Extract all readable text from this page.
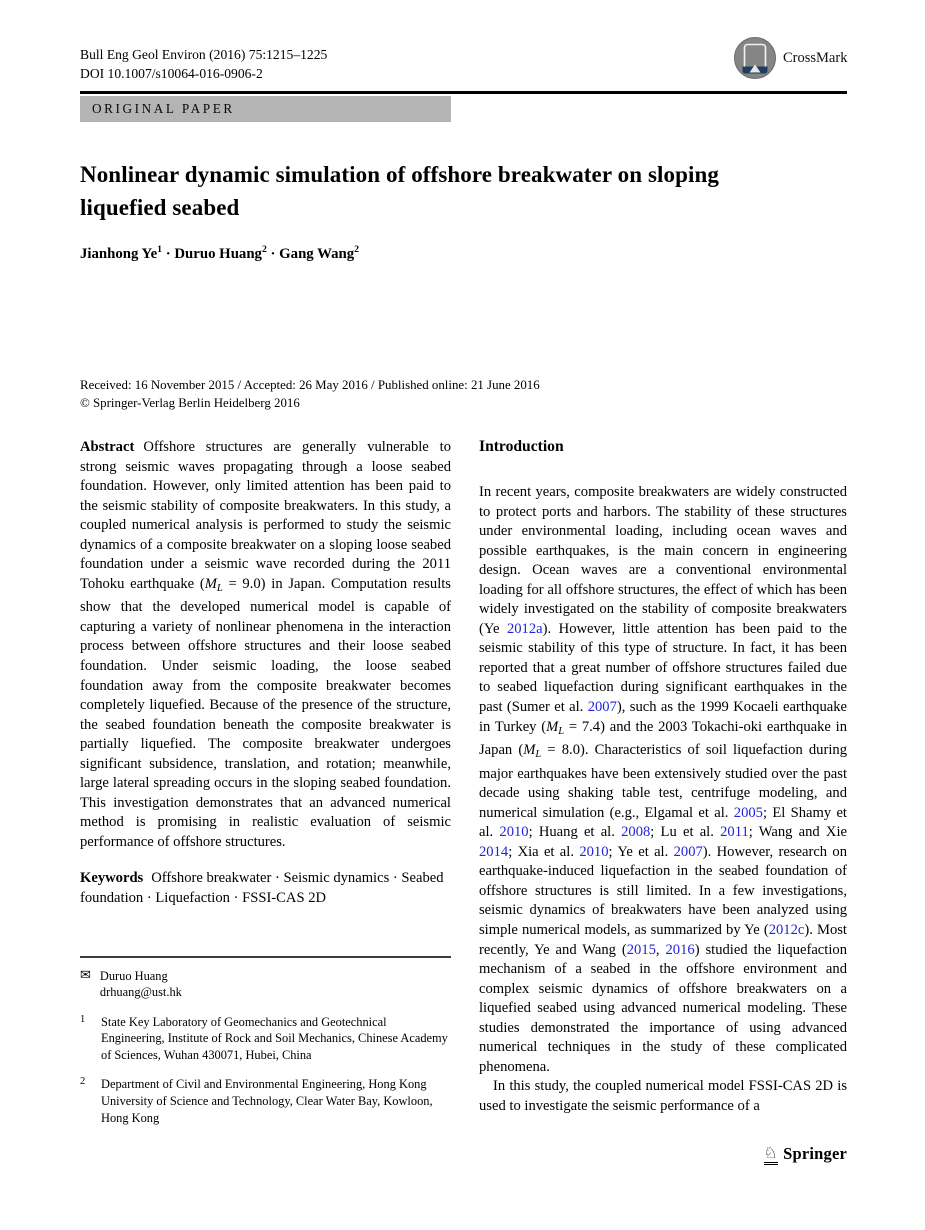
Bull Eng Geol Environ (2016) 75:1215–1225
DOI 10.1007/s10064-016-0906-2
CrossMark
ORIGINAL PAPER
Nonlinear dynamic simulation of offshore breakwater on sloping liquefied seabed
Jianhong $Ye^1$ · Duruo Huang$^2$ · Gang Wang$^2$
Received: 16 November 2015 / Accepted: 26 May 2016 / Published online: 21 June 2016
© Springer-Verlag Berlin Heidelberg 2016

Abstract Offshore structures are generally vulnerable to strong seismic waves propagating through a loose seabed foundation. However, only limited attention has been paid to the seismic stability of composite breakwaters. In this study, a coupled numerical analysis is performed to study the seismic dynamics of a composite breakwater on a sloping loose seabed foundation under a seismic wave recorded during the 2011 Tohoku earthquake $(M_L = 9.0)$ in Japan. Computation results show that the developed numerical model is capable of capturing a variety of nonlinear phenomena in the interaction process between offshore structures and their loose seabed foundation. Under seismic loading, the loose seabed foundation away from the composite breakwater becomes completely liquefied. Because of the presence of the structure, the seabed foundation beneath the composite breakwater is partially liquefied. The composite breakwater undergoes significant subsidence, translation, and rotation; meanwhile, large lateral spreading occurs in the sloping seabed foundation. This investigation demonstrates that an advanced numerical method is promising in realistic evaluation of seismic performance of offshore structures.

Keywords Offshore breakwater · Seismic dynamics · Seabed foundation · Liquefaction · FSSI-CAS 2D

✉ Duruo Huang
drhuang@ust.hk
1	State Key Laboratory of Geomechanics and Geotechnical Engineering, Institute of Rock and Soil Mechanics, Chinese Academy of Sciences, Wuhan 430071, Hubei, China
2	Department of Civil and Environmental Engineering, Hong Kong University of Science and Technology, Clear Water Bay, Kowloon, Hong Kong
Introduction

In recent years, composite breakwaters are widely constructed to protect ports and harbors. The stability of these structures under environmental loading, including ocean waves and possible earthquakes, is the main concern in engineering design. Ocean waves are a conventional environmental loading for all offshore structures, the effect of which has been widely investigated on the stability of composite breakwaters (Ye 2012a). However, little attention has been paid to the seismic stability of this type of structure. In fact, it has been reported that a great number of offshore structures failed due to seabed liquefaction during significant earthquakes in the past (Sumer et al. 2007), such as the 1999 Kocaeli earthquake in Turkey $(M_L = 7.4)$ and the 2003 Tokachi-oki earthquake in Japan $(M_L = 8.0)$. Characteristics of soil liquefaction during major earthquakes have been extensively studied over the past decade using shaking table test, centrifuge modeling, and numerical simulation (e.g., Elgamal et al. 2005; El Shamy et al. 2010; Huang et al. 2008; Lu et al. 2011; Wang and Xie 2014; Xia et al. 2010; Ye et al. 2007). However, research on earthquake-induced liquefaction in the seabed foundation of offshore structures is still limited. In a few investigations, seismic dynamics of breakwaters have been analyzed using simple numerical models, as summarized by Ye (2012c). Most recently, Ye and Wang (2015, 2016) studied the liquefaction mechanism of a seabed in the offshore environment and complex seismic dynamics of offshore breakwaters on a liquefied seabed using advanced numerical modeling. These studies demonstrated the importance of using advanced numerical techniques in the study of these complicated phenomena.

In this study, the coupled numerical model FSSI-CAS 2D is used to investigate the seismic performance of a

♘ Springer
